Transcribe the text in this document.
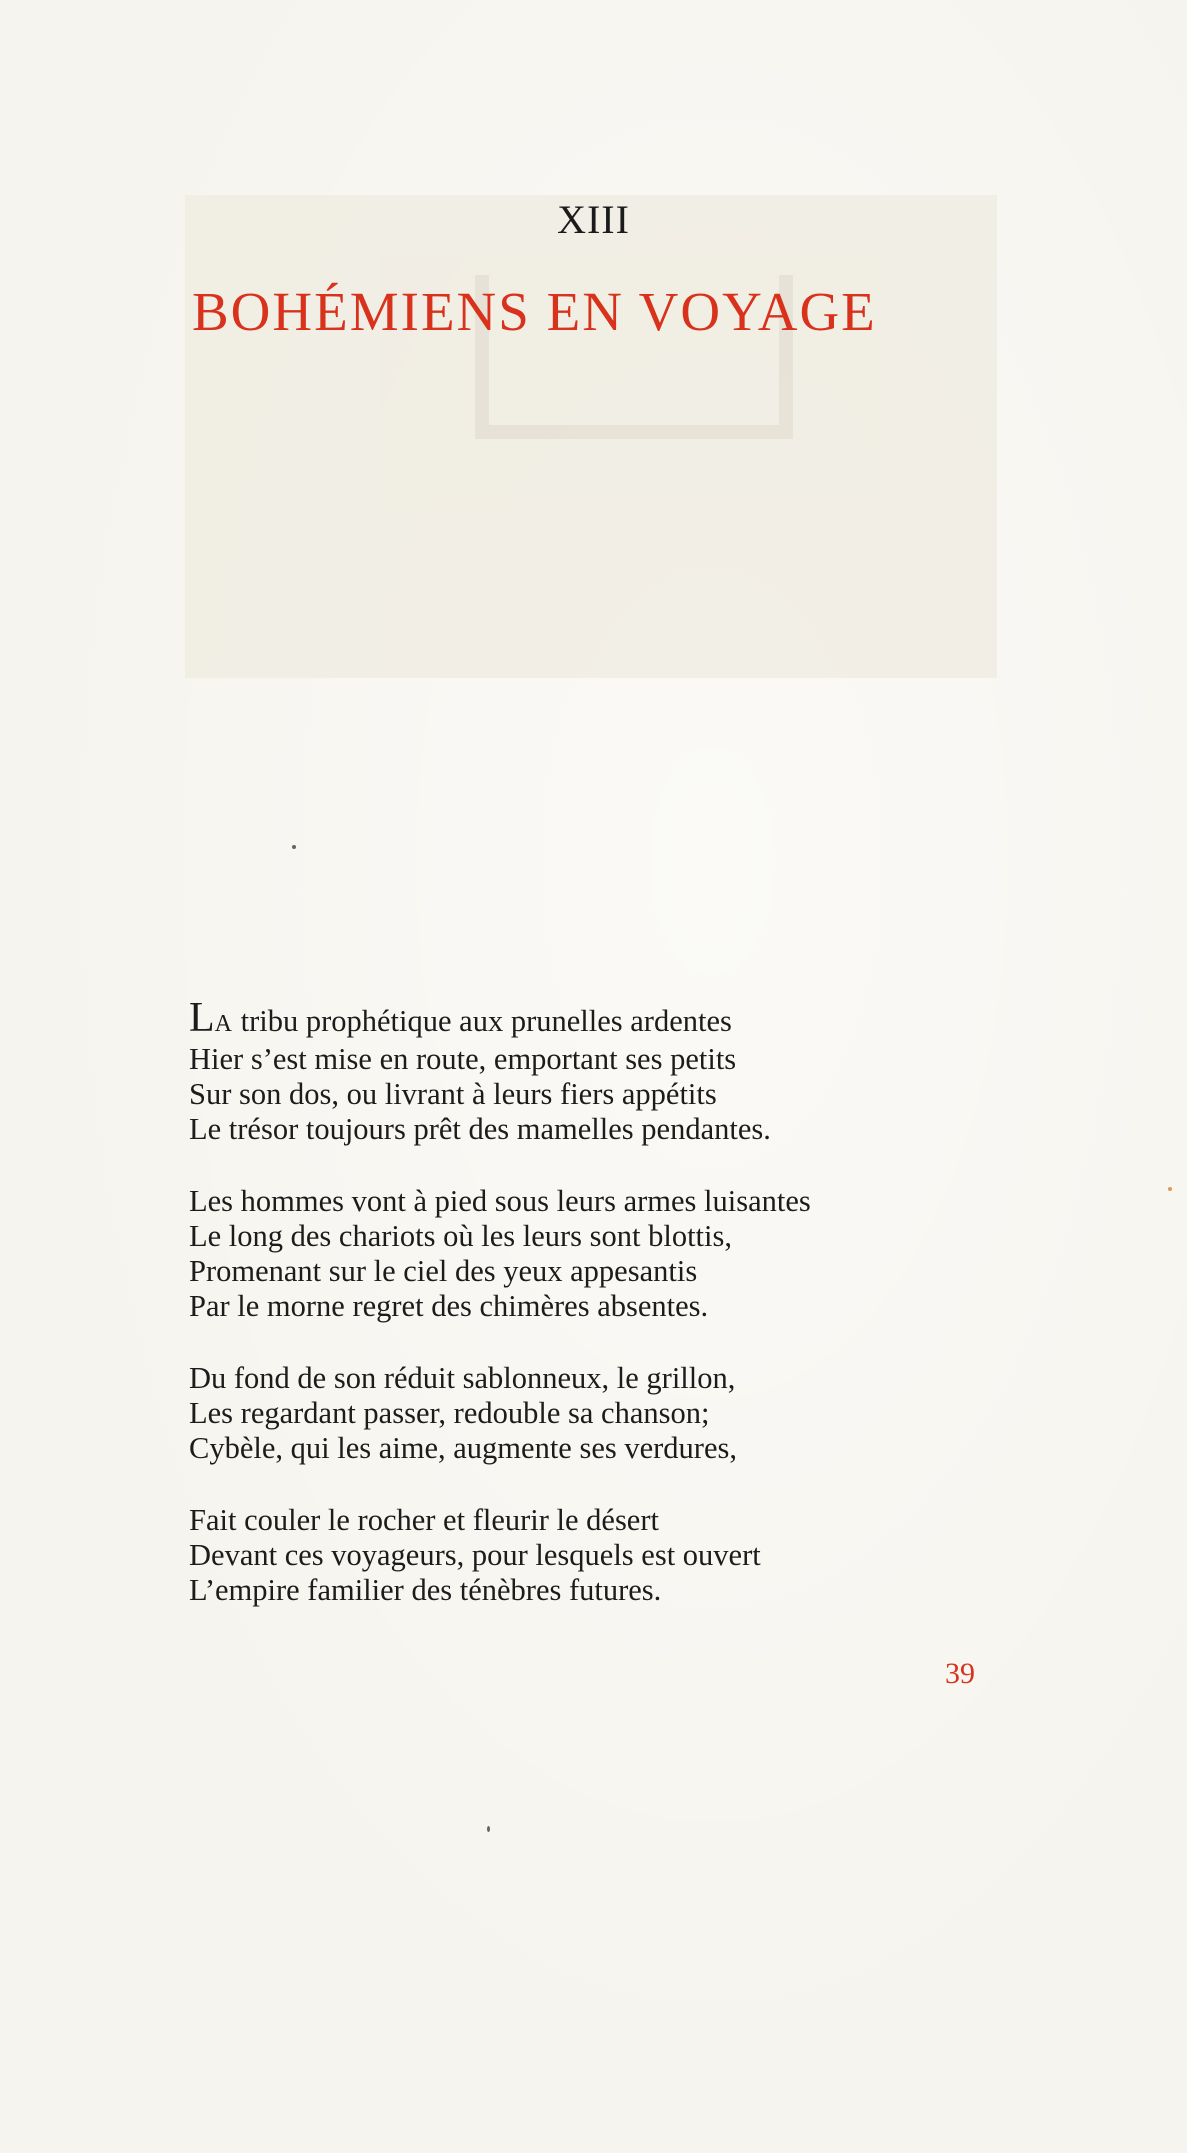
XIII
BOHÉMIENS EN VOYAGE
LA tribu prophétique aux prunelles ardentes
Hier s’est mise en route, emportant ses petits
Sur son dos, ou livrant à leurs fiers appétits
Le trésor toujours prêt des mamelles pendantes.
Les hommes vont à pied sous leurs armes luisantes
Le long des chariots où les leurs sont blottis,
Promenant sur le ciel des yeux appesantis
Par le morne regret des chimères absentes.
Du fond de son réduit sablonneux, le grillon,
Les regardant passer, redouble sa chanson;
Cybèle, qui les aime, augmente ses verdures,
Fait couler le rocher et fleurir le désert
Devant ces voyageurs, pour lesquels est ouvert
L’empire familier des ténèbres futures.
39
